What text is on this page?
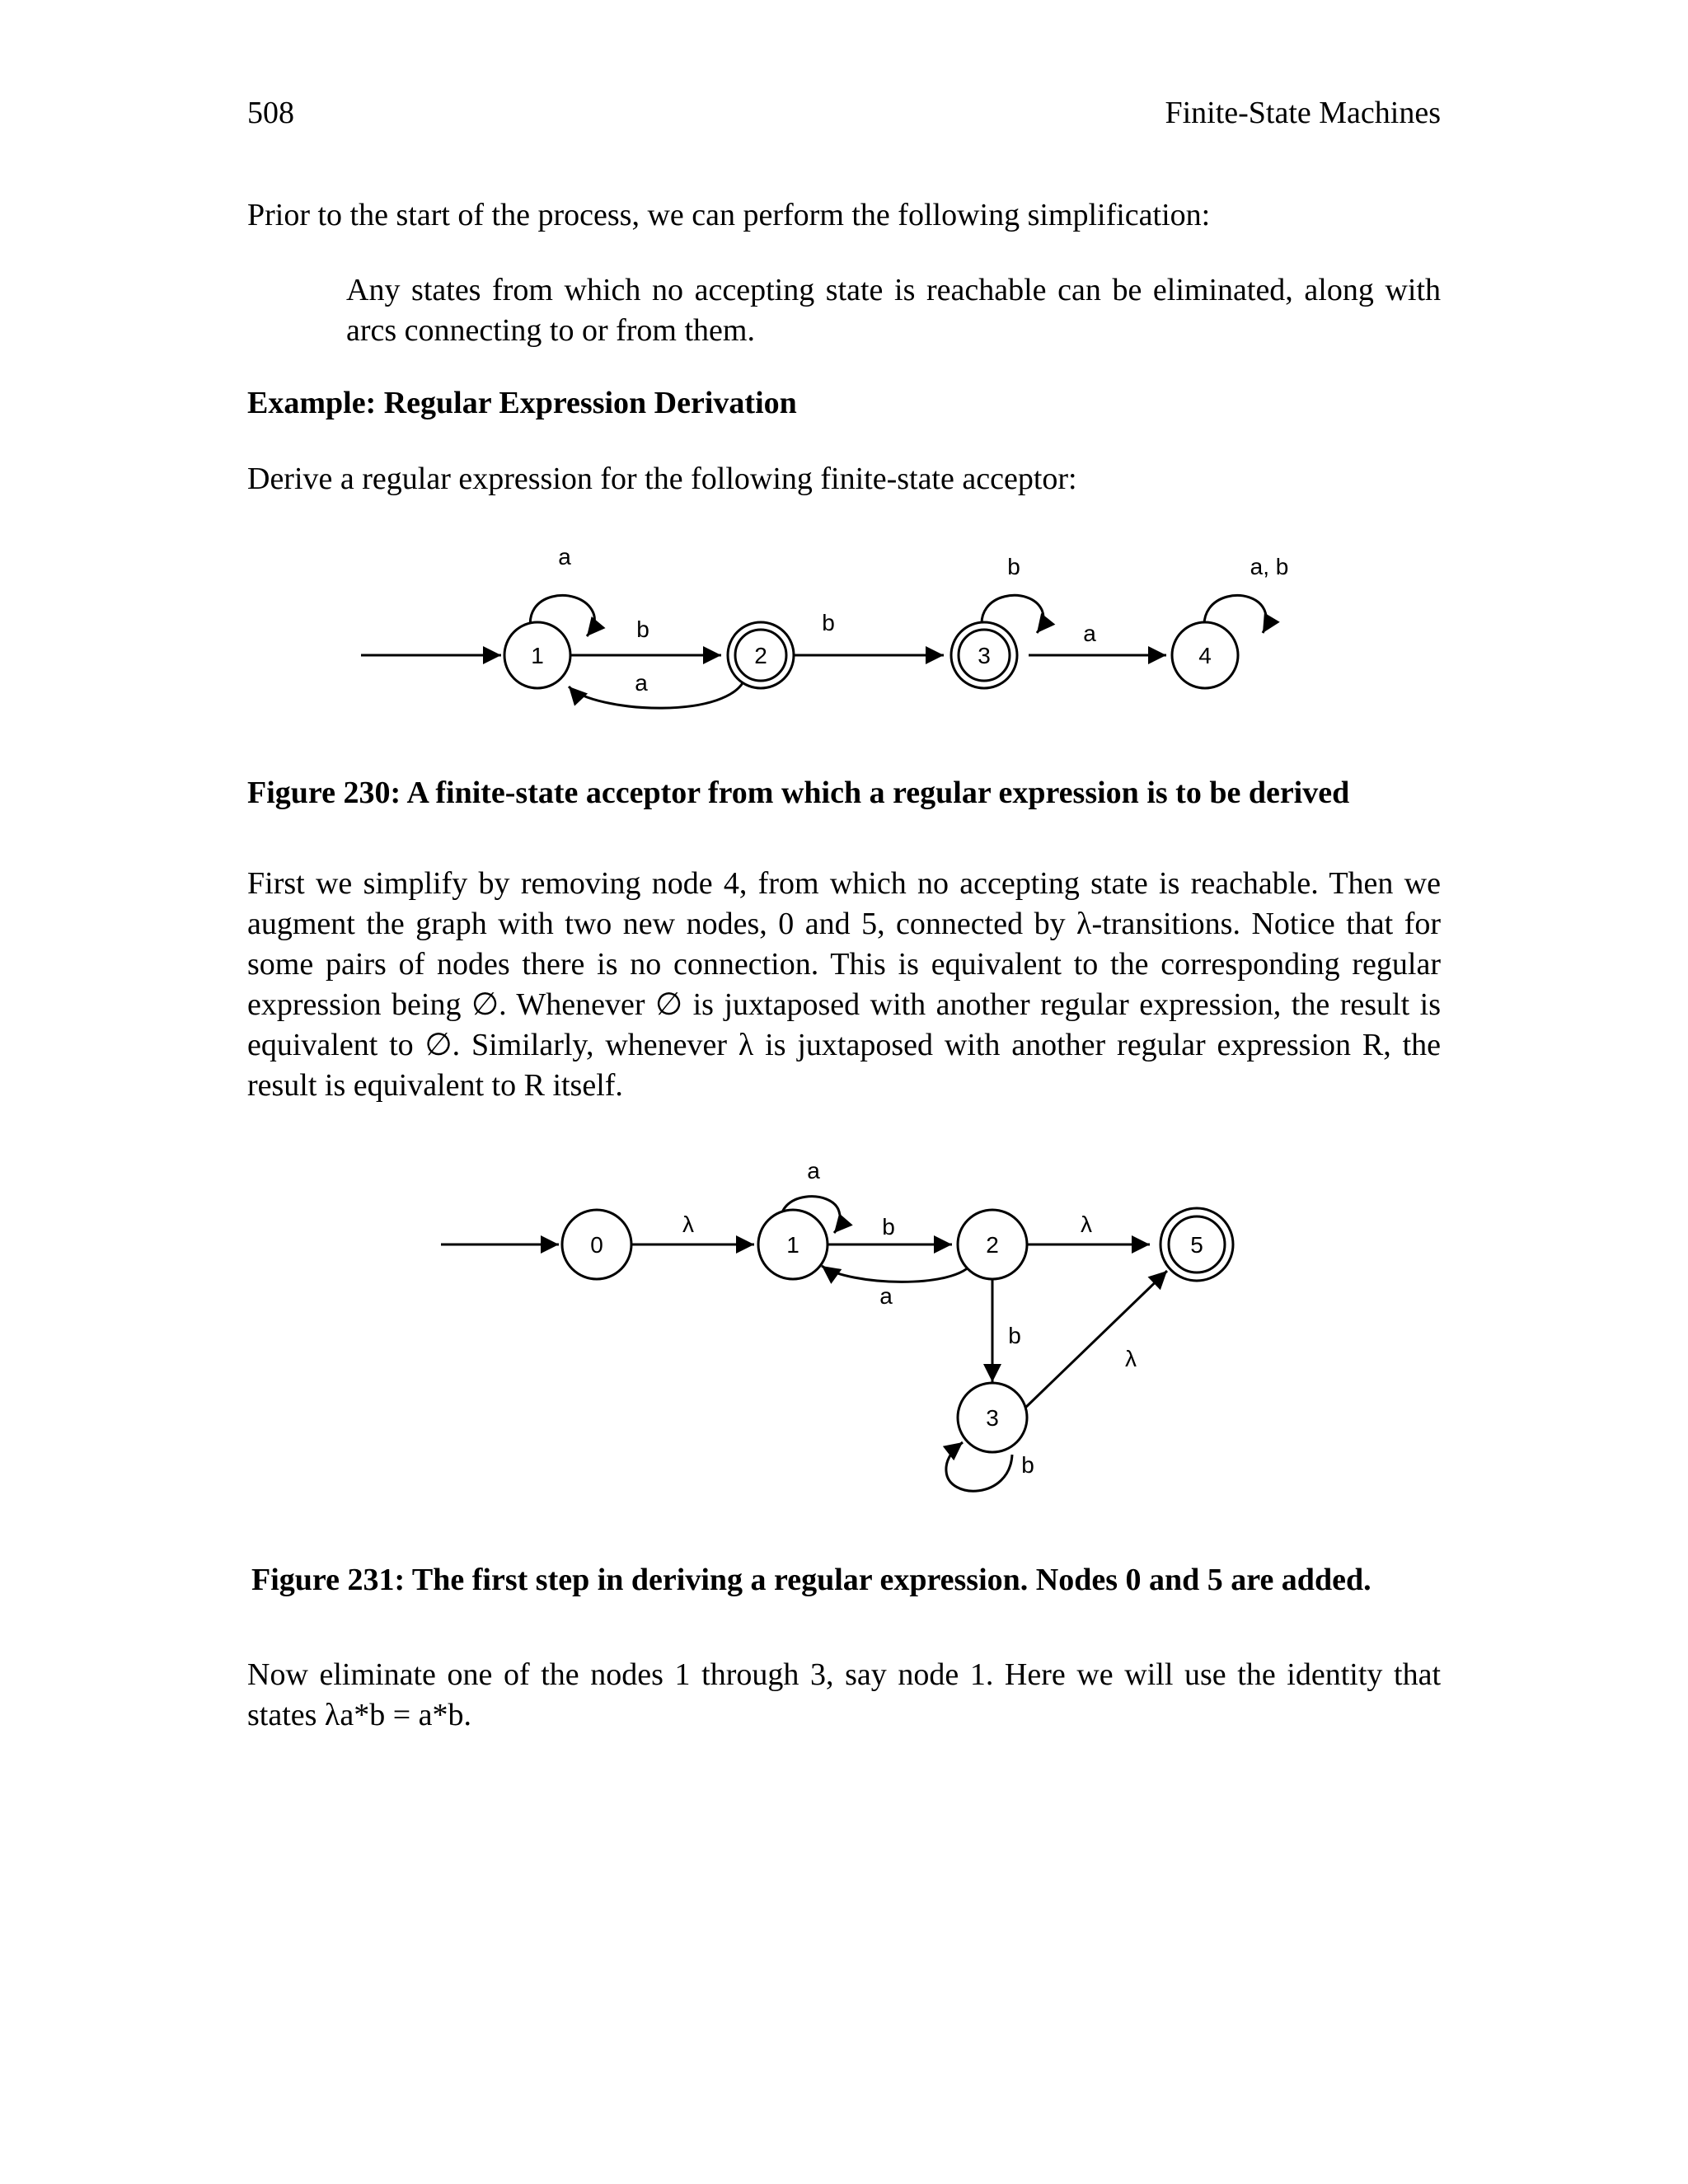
508	Finite-State Machines

Prior to the start of the process, we can perform the following simplification:

Any states from which no accepting state is reachable can be eliminated, along with arcs connecting to or from them.

Example: Regular Expression Derivation

Derive a regular expression for the following finite-state acceptor:

1	2	3	4
a
b
a
b
b
a
a, b
Figure 230: A finite-state acceptor from which a regular expression is to be derived

First we simplify by removing node 4, from which no accepting state is reachable. Then we augment the graph with two new nodes, 0 and 5, connected by λ-transitions. Notice that for some pairs of nodes there is no connection. This is equivalent to the corresponding regular expression being ∅. Whenever ∅ is juxtaposed with another regular expression, the result is equivalent to ∅. Similarly, whenever λ is juxtaposed with another regular expression R, the result is equivalent to R itself.

0	1	2
3
5
λ
a
b
a
λ
b
λ
b
Figure 231: The first step in deriving a regular expression. Nodes 0 and 5 are added.

Now eliminate one of the nodes 1 through 3, say node 1. Here we will use the identity that states λa*b = a*b.
